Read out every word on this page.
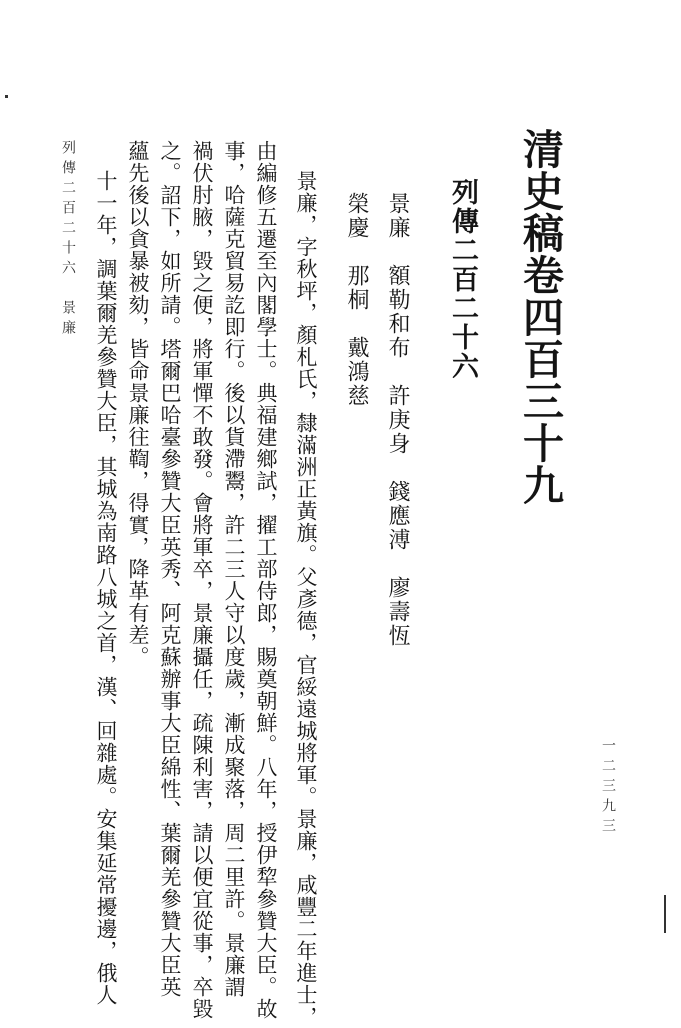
清史稿卷四百三十九
列傳二百二十六
景廉　額勒和布　許庚身　錢應溥　廖壽恆
榮慶　那桐　戴鴻慈
景廉，字秋坪，顏札氏，隸滿洲正黃旗。父彥德，官綏遠城將軍。景廉，咸豐二年進士，
由編修五遷至內閣學士。典福建鄉試，擢工部侍郎，賜奠朝鮮。八年，授伊犂參贊大臣。故
事，哈薩克貿易訖即行。後以貨滯鬻，許二三人守以度歲，漸成聚落，周二里許。景廉謂
禍伏肘腋，毀之便，將軍憚不敢發。會將軍卒，景廉攝任，疏陳利害，請以便宜從事，卒毀
之。詔下，如所請。塔爾巴哈臺參贊大臣英秀、阿克蘇辦事大臣綿性、葉爾羌參贊大臣英
蘊先後以貪暴被劾，皆命景廉往鞫，得實，降革有差。
十一年，調葉爾羌參贊大臣，其城為南路八城之首，漢、回雜處。安集延常擾邊，俄人
列傳二百二十六　景廉
一二三九三
